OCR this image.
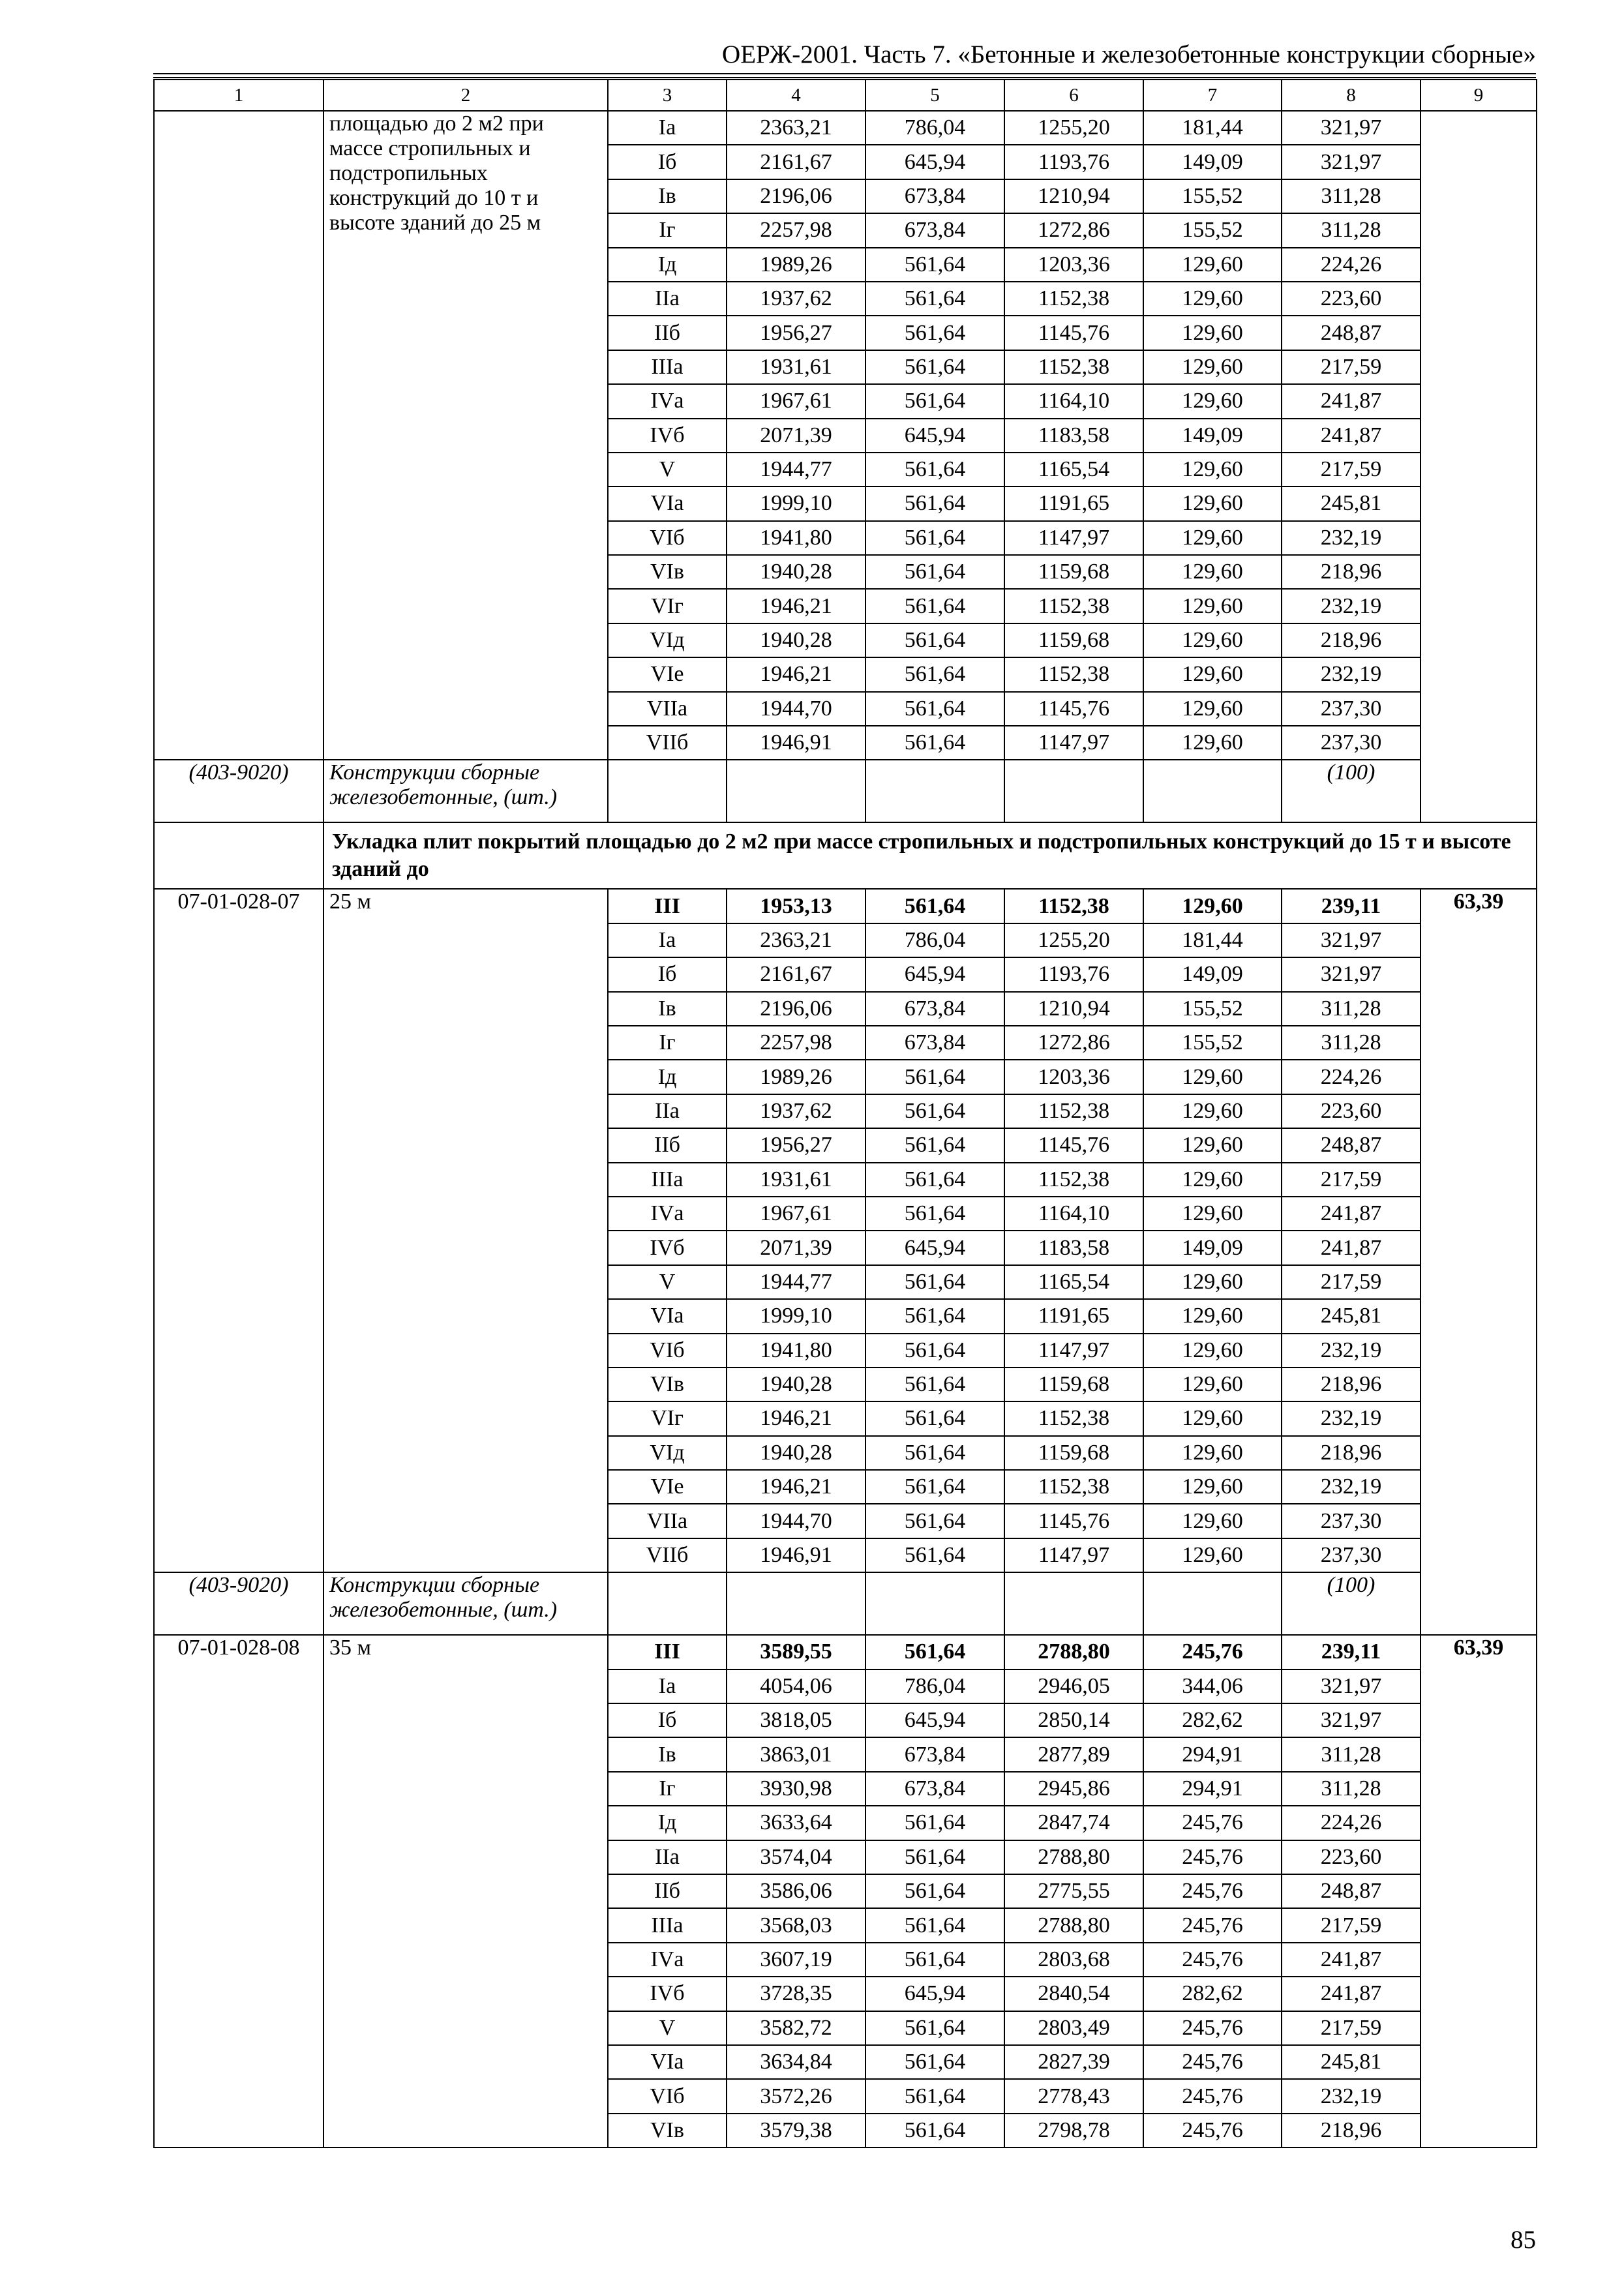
ОЕРЖ-2001. Часть 7. «Бетонные и железобетонные конструкции сборные»
1	2	3	4	5	6	7	8	9
	площадью до 2 м2 при массе стропильных и подстропильных конструкций до 10 т и высоте зданий до 25 м	Iа	2363,21	786,04	1255,20	181,44	321,97	
		Iб	2161,67	645,94	1193,76	149,09	321,97	
		Iв	2196,06	673,84	1210,94	155,52	311,28	
		Iг	2257,98	673,84	1272,86	155,52	311,28	
		Iд	1989,26	561,64	1203,36	129,60	224,26	
		IIа	1937,62	561,64	1152,38	129,60	223,60	
		IIб	1956,27	561,64	1145,76	129,60	248,87	
		IIIа	1931,61	561,64	1152,38	129,60	217,59	
		IVа	1967,61	561,64	1164,10	129,60	241,87	
		IVб	2071,39	645,94	1183,58	149,09	241,87	
		V	1944,77	561,64	1165,54	129,60	217,59	
		VIа	1999,10	561,64	1191,65	129,60	245,81	
		VIб	1941,80	561,64	1147,97	129,60	232,19	
		VIв	1940,28	561,64	1159,68	129,60	218,96	
		VIг	1946,21	561,64	1152,38	129,60	232,19	
		VIд	1940,28	561,64	1159,68	129,60	218,96	
		VIе	1946,21	561,64	1152,38	129,60	232,19	
		VIIа	1944,70	561,64	1145,76	129,60	237,30	
		VIIб	1946,91	561,64	1147,97	129,60	237,30	
(403-9020)	Конструкции сборные железобетонные, (шт.)						(100)	
	Укладка плит покрытий площадью до 2 м2 при массе стропильных и подстропильных конструкций до 15 т и высоте зданий до							
07-01-028-07	25 м	III	1953,13	561,64	1152,38	129,60	239,11	63,39
		Iа	2363,21	786,04	1255,20	181,44	321,97	
		Iб	2161,67	645,94	1193,76	149,09	321,97	
		Iв	2196,06	673,84	1210,94	155,52	311,28	
		Iг	2257,98	673,84	1272,86	155,52	311,28	
		Iд	1989,26	561,64	1203,36	129,60	224,26	
		IIа	1937,62	561,64	1152,38	129,60	223,60	
		IIб	1956,27	561,64	1145,76	129,60	248,87	
		IIIа	1931,61	561,64	1152,38	129,60	217,59	
		IVа	1967,61	561,64	1164,10	129,60	241,87	
		IVб	2071,39	645,94	1183,58	149,09	241,87	
		V	1944,77	561,64	1165,54	129,60	217,59	
		VIа	1999,10	561,64	1191,65	129,60	245,81	
		VIб	1941,80	561,64	1147,97	129,60	232,19	
		VIв	1940,28	561,64	1159,68	129,60	218,96	
		VIг	1946,21	561,64	1152,38	129,60	232,19	
		VIд	1940,28	561,64	1159,68	129,60	218,96	
		VIе	1946,21	561,64	1152,38	129,60	232,19	
		VIIа	1944,70	561,64	1145,76	129,60	237,30	
		VIIб	1946,91	561,64	1147,97	129,60	237,30	
(403-9020)	Конструкции сборные железобетонные, (шт.)						(100)	
07-01-028-08	35 м	III	3589,55	561,64	2788,80	245,76	239,11	63,39
		Iа	4054,06	786,04	2946,05	344,06	321,97	
		Iб	3818,05	645,94	2850,14	282,62	321,97	
		Iв	3863,01	673,84	2877,89	294,91	311,28	
		Iг	3930,98	673,84	2945,86	294,91	311,28	
		Iд	3633,64	561,64	2847,74	245,76	224,26	
		IIа	3574,04	561,64	2788,80	245,76	223,60	
		IIб	3586,06	561,64	2775,55	245,76	248,87	
		IIIа	3568,03	561,64	2788,80	245,76	217,59	
		IVа	3607,19	561,64	2803,68	245,76	241,87	
		IVб	3728,35	645,94	2840,54	282,62	241,87	
		V	3582,72	561,64	2803,49	245,76	217,59	
		VIа	3634,84	561,64	2827,39	245,76	245,81	
		VIб	3572,26	561,64	2778,43	245,76	232,19	
		VIв	3579,38	561,64	2798,78	245,76	218,96	
85
